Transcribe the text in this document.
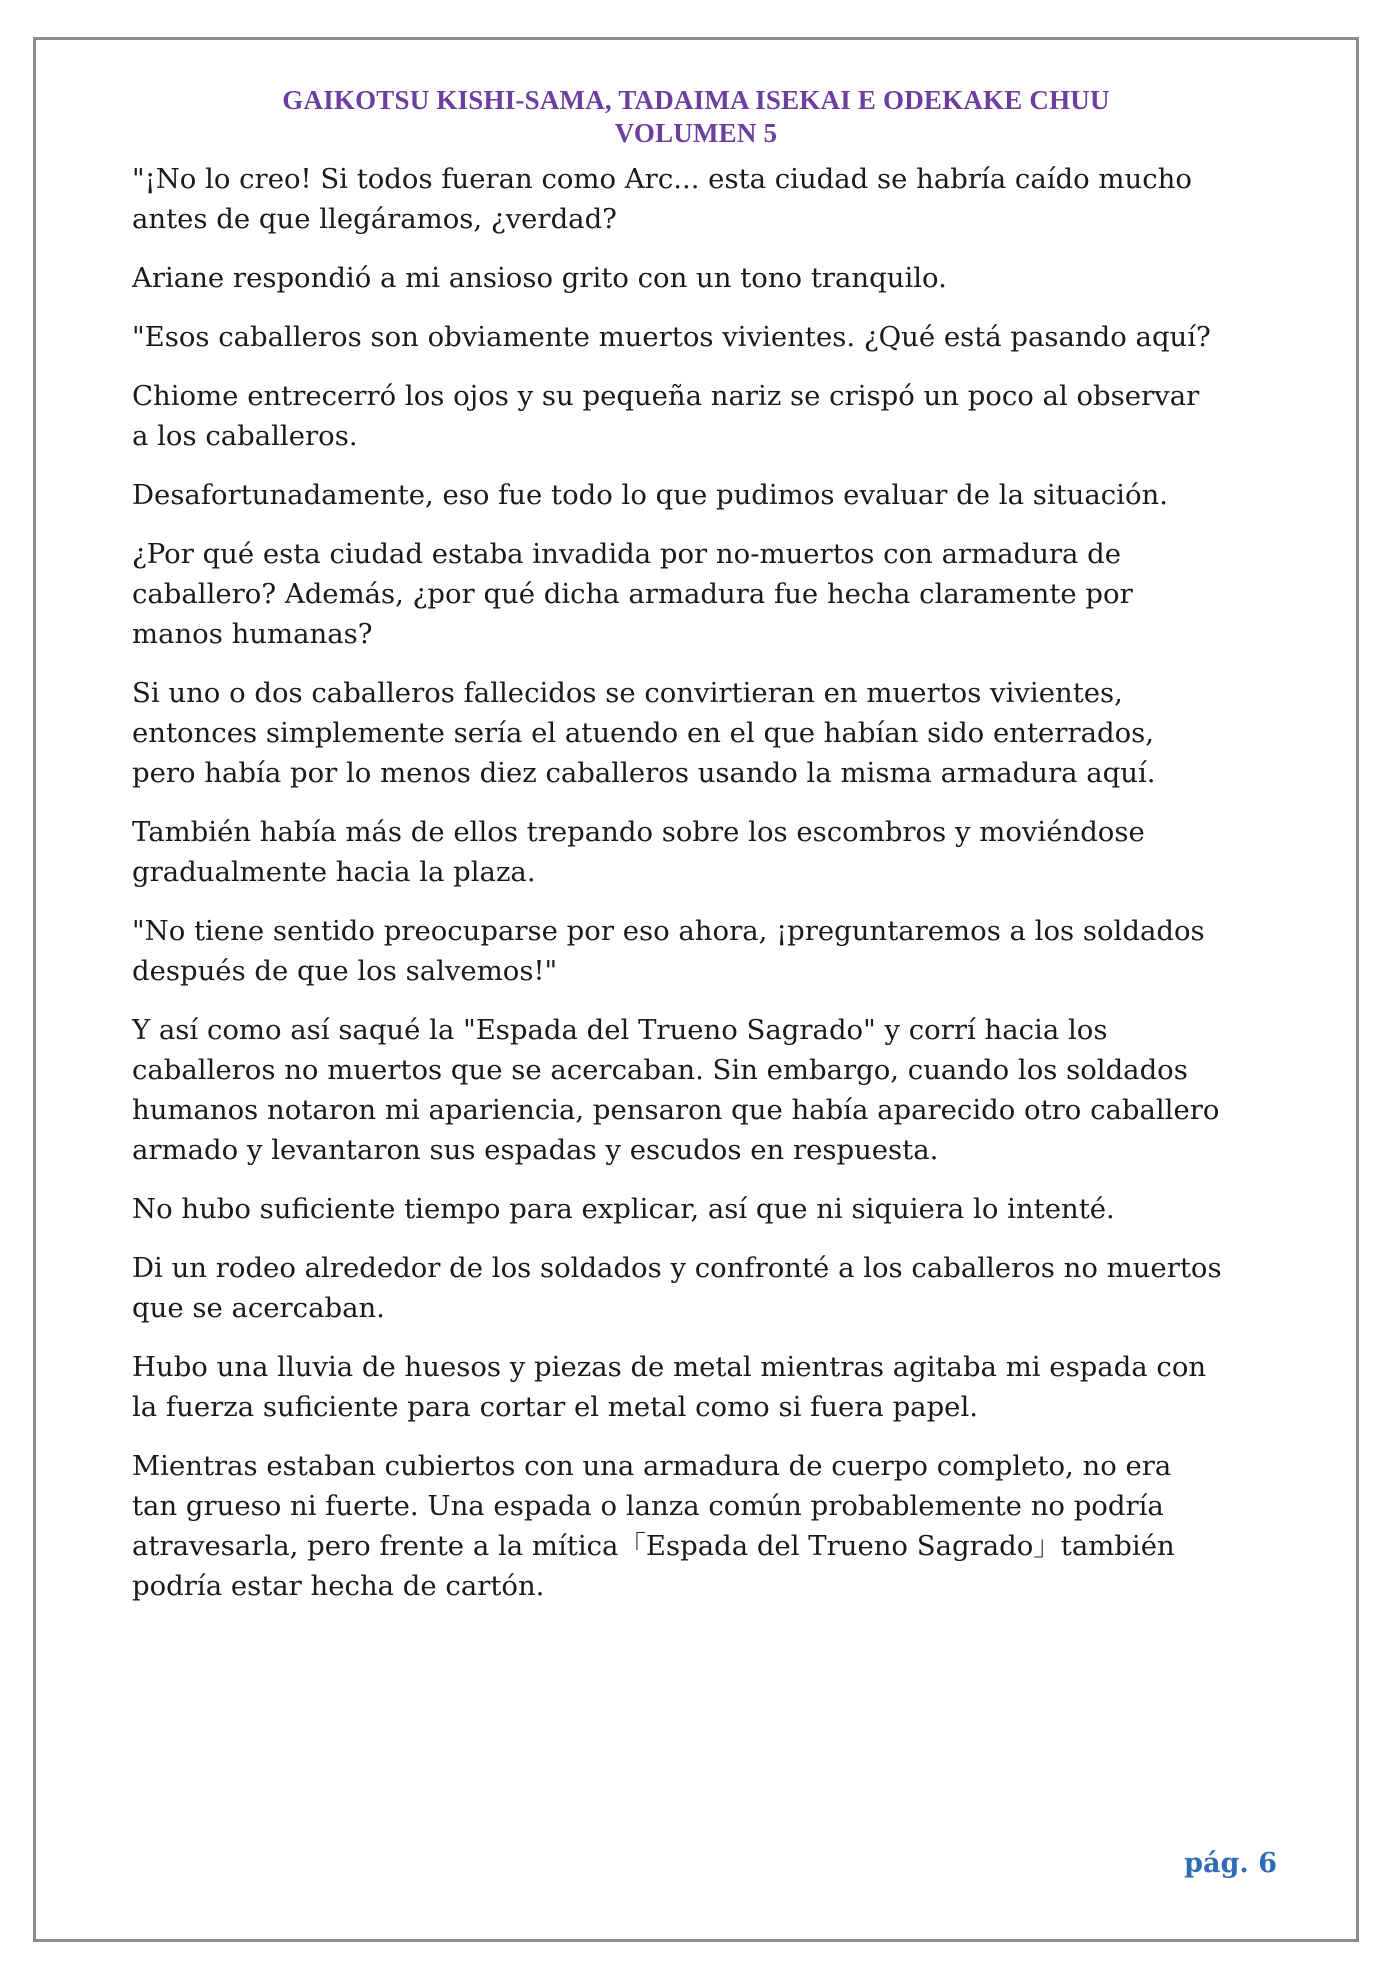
GAIKOTSU KISHI-SAMA, TADAIMA ISEKAI E ODEKAKE CHUU
VOLUMEN 5

"¡No lo creo! Si todos fueran como Arc... esta ciudad se habría caído mucho antes de que llegáramos, ¿verdad?

Ariane respondió a mi ansioso grito con un tono tranquilo.

"Esos caballeros son obviamente muertos vivientes. ¿Qué está pasando aquí?

Chiome entrecerró los ojos y su pequeña nariz se crispó un poco al observar a los caballeros.

Desafortunadamente, eso fue todo lo que pudimos evaluar de la situación.

¿Por qué esta ciudad estaba invadida por no-muertos con armadura de caballero? Además, ¿por qué dicha armadura fue hecha claramente por manos humanas?

Si uno o dos caballeros fallecidos se convirtieran en muertos vivientes, entonces simplemente sería el atuendo en el que habían sido enterrados, pero había por lo menos diez caballeros usando la misma armadura aquí.

También había más de ellos trepando sobre los escombros y moviéndose gradualmente hacia la plaza.

"No tiene sentido preocuparse por eso ahora, ¡preguntaremos a los soldados después de que los salvemos!"

Y así como así saqué la "Espada del Trueno Sagrado" y corrí hacia los caballeros no muertos que se acercaban. Sin embargo, cuando los soldados humanos notaron mi apariencia, pensaron que había aparecido otro caballero armado y levantaron sus espadas y escudos en respuesta.

No hubo suficiente tiempo para explicar, así que ni siquiera lo intenté.

Di un rodeo alrededor de los soldados y confronté a los caballeros no muertos que se acercaban.

Hubo una lluvia de huesos y piezas de metal mientras agitaba mi espada con la fuerza suficiente para cortar el metal como si fuera papel.

Mientras estaban cubiertos con una armadura de cuerpo completo, no era tan grueso ni fuerte. Una espada o lanza común probablemente no podría atravesarla, pero frente a la mítica「Espada del Trueno Sagrado」también podría estar hecha de cartón.

pág. 6
